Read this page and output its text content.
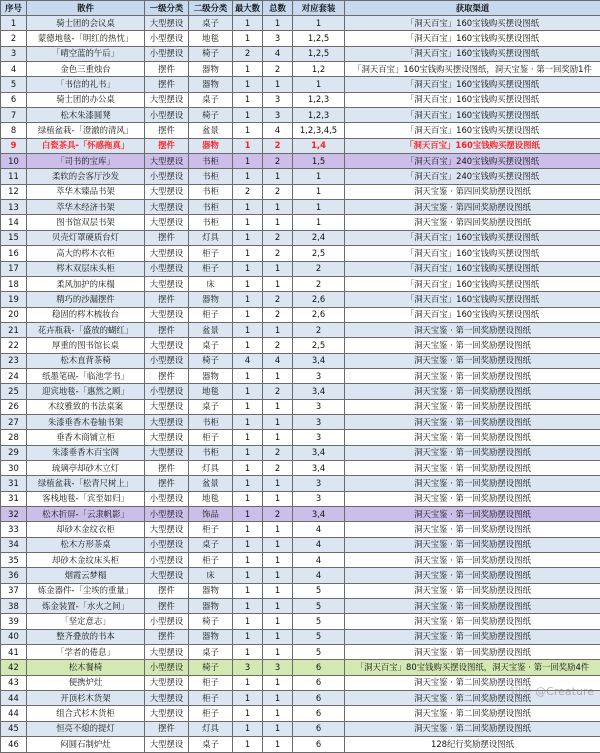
序号	散件	一级分类	二级分类	最大数	总数	对应套装	获取渠道
1	骑士团的会议桌	大型摆设	桌子	1	1	1	「洞天百宝」160宝钱购买摆设图纸
2	蒙德地毯-「明红的热忱」	小型摆设	地毯	1	3	1,2,5	「洞天百宝」160宝钱购买摆设图纸
3	「晴空蓝的午后」	小型摆设	椅子	2	4	1,2,5	「洞天百宝」160宝钱购买摆设图纸
4	金色三重烛台	摆件	器物	1	2	1,2	「洞天百宝」160宝钱购买摆设图纸，洞天宝鉴 · 第一回奖励1件
5	「书信的礼书」	摆件	器物	1	1	1	「洞天百宝」160宝钱购买摆设图纸
6	骑士团的办公桌	大型摆设	桌子	1	3	1,2,3	「洞天百宝」160宝钱购买摆设图纸
7	松木朱漆圆凳	小型摆设	椅子	1	3	1,2,3	「洞天百宝」160宝钱购买摆设图纸
8	绿植盆栽-「澄澈的清风」	摆件	盆景	1	4	1,2,3,4,5	「洞天百宝」160宝钱购买摆设图纸
9	白瓷茶具-「怀感拖真」	摆件	器物	1	2	1,4	「洞天百宝」160宝钱购买摆设图纸
10	「司书的宝库」	大型摆设	书柜	1	2	1,5	「洞天百宝」240宝钱购买摆设图纸
11	柔软的会客厅沙发	小型摆设	书柜	1	1	1	「洞天百宝」240宝钱购买摆设图纸
12	萃华木臻品书架	大型摆设	书柜	2	2	1	洞天宝鉴 · 第四回奖励摆设图纸
13	萃华木经济书架	大型摆设	书柜	1	1	1	洞天宝鉴 · 第四回奖励摆设图纸
14	图书馆双层书架	大型摆设	书柜	1	1	1	洞天宝鉴 · 第四回奖励摆设图纸
15	贝壳灯罩硬质台灯	摆件	灯具	1	2	2,4	「洞天百宝」160宝钱购买摆设图纸
16	高大的梣木衣柜	大型摆设	柜子	1	2	2,5	「洞天百宝」160宝钱购买摆设图纸
17	梣木双层床头柜	小型摆设	柜子	1	1	2	「洞天百宝」160宝钱购买摆设图纸
18	柔风加护的床榻	大型摆设	床	1	1	2	「洞天百宝」160宝钱购买摆设图纸
19	精巧的沙漏摆件	摆件	器物	1	2	2,6	「洞天百宝」160宝钱购买摆设图纸
20	稳固的梣木梳妆台	大型摆设	柜子	1	2	2,6	「洞天百宝」160宝钱购买摆设图纸
21	花卉瓶栽-「盛放的蝴红」	摆件	盆景	1	1	2	洞天宝鉴 · 第一回奖励摆设图纸
22	厚重的图书馆长桌	大型摆设	桌子	1	2	2,5	洞天宝鉴 · 第一回奖励摆设图纸
23	松木直背茶椅	小型摆设	椅子	4	4	3,4	洞天宝鉴 · 第一回奖励摆设图纸
24	纸墨笔砚-「临池学书」	摆件	器物	1	1	3	洞天宝鉴 · 第一回奖励摆设图纸
25	迎宾地毯-「惠然之顾」	小型摆设	地毯	1	2	3,4	洞天宝鉴 · 第一回奖励摆设图纸
26	木纹雅致的书法桌案	大型摆设	桌子	1	1	3	洞天宝鉴 · 第一回奖励摆设图纸
27	朱漆垂香木卷轴书架	大型摆设	书柜	1	1	3	洞天宝鉴 · 第一回奖励摆设图纸
28	垂香木商铺立柜	大型摆设	柜子	1	1	3	洞天宝鉴 · 第一回奖励摆设图纸
29	朱漆垂香木百宝阁	大型摆设	书柜	1	2	3,4	洞天宝鉴 · 第一回奖励摆设图纸
30	琉璃亭却砂木立灯	摆件	灯具	1	2	3,4	洞天宝鉴 · 第一回奖励摆设图纸
31	绿植盆栽-「松青尺树上」	摆件	盆景	1	1	3	洞天宝鉴 · 第一回奖励摆设图纸
31	客栈地毯-「宾至如归」	小型摆设	地毯	1	1	3	洞天宝鉴 · 第一回奖励摆设图纸
32	松木折屏-「云隶帆影」	小型摆设	饰品	1	2	3,4	洞天宝鉴 · 第一回奖励摆设图纸
33	却砂木金纹衣柜	大型摆设	柜子	1	1	4	洞天宝鉴 · 第一回奖励摆设图纸
34	松木方形茶桌	小型摆设	桌子	1	1	4	洞天宝鉴 · 第一回奖励摆设图纸
35	却砂木金纹床头柜	小型摆设	柜子	1	1	4	洞天宝鉴 · 第一回奖励摆设图纸
36	烟霞云梦榻	大型摆设	床	1	1	4	洞天宝鉴 · 第一回奖励摆设图纸
37	炼金器件-「尘埃的重量」	摆件	器物	1	1	5	洞天宝鉴 · 第一回奖励摆设图纸
38	炼金装置-「水火之间」	摆件	器物	1	1	5	洞天宝鉴 · 第一回奖励摆设图纸
39	「坚定意志」	小型摆设	椅子	1	1	5	洞天宝鉴 · 第一回奖励摆设图纸
40	整齐叠放的书本	摆件	器物	1	1	5	洞天宝鉴 · 第一回奖励摆设图纸
41	「学者的倦息」	大型摆设	桌子	1	1	5	洞天宝鉴 · 第一回奖励摆设图纸
42	松木餐椅	小型摆设	椅子	3	3	6	「洞天百宝」80宝钱购买摆设图纸，洞天宝鉴 · 第一回奖励4件
43	便携炉灶	大型摆设	柜子	1	1	6	洞天宝鉴 · 第二回奖励摆设图纸
44	开顶杉木货架	大型摆设	柜子	1	1	6	洞天宝鉴 · 第二回奖励摆设图纸
44	组合式杉木货柜	大型摆设	柜子	1	1	6	洞天宝鉴 · 第二回奖励摆设图纸
45	恒亮不熄的提灯	摆件	灯具	1	1	6	洞天宝鉴 · 第二回奖励摆设图纸
46	闷圆石制炉灶	大型摆设	桌子	1	1	6	128纪行奖励摆设图纸
知乎 @Creature
